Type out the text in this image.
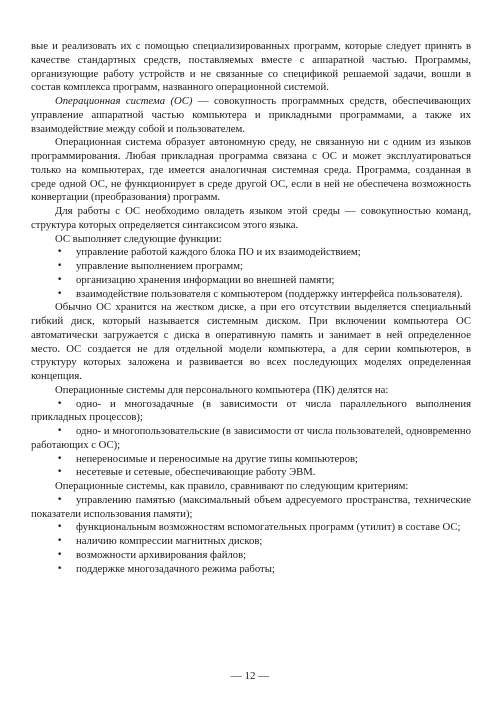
вые и реализовать их с помощью специализированных программ, которые следует принять в качестве стандартных средств, поставляемых вместе с аппаратной частью. Программы, организующие работу устройств и не связанные со спецификой решаемой задачи, вошли в состав комплекса программ, названного операционной системой.

Операционная система (ОС) — совокупность программных средств, обеспечивающих управление аппаратной частью компьютера и прикладными программами, а также их взаимодействие между собой и пользователем.

Операционная система образует автономную среду, не связанную ни с одним из языков программирования. Любая прикладная программа связана с ОС и может эксплуатироваться только на компьютерах, где имеется аналогичная системная среда. Программа, созданная в среде одной ОС, не функционирует в среде другой ОС, если в ней не обеспечена возможность конвертации (преобразования) программ.

Для работы с ОС необходимо овладеть языком этой среды — совокупностью команд, структура которых определяется синтаксисом этого языка.

ОС выполняет следующие функции:

• управление работой каждого блока ПО и их взаимодействием;
• управление выполнением программ;
• организацию хранения информации во внешней памяти;
• взаимодействие пользователя с компьютером (поддержку интерфейса пользователя).

Обычно ОС хранится на жестком диске, а при его отсутствии выделяется специальный гибкий диск, который называется системным диском. При включении компьютера ОС автоматически загружается с диска в оперативную память и занимает в ней определенное место. ОС создается не для отдельной модели компьютера, а для серии компьютеров, в структуру которых заложена и развивается во всех последующих моделях определенная концепция.

Операционные системы для персонального компьютера (ПК) делятся на:

• одно- и многозадачные (в зависимости от числа параллельного выполнения прикладных процессов);
• одно- и многопользовательские (в зависимости от числа пользователей, одновременно работающих с ОС);
• непереносимые и переносимые на другие типы компьютеров;
• несетевые и сетевые, обеспечивающие работу ЭВМ.

Операционные системы, как правило, сравнивают по следующим критериям:

• управлению памятью (максимальный объем адресуемого пространства, технические показатели использования памяти);
• функциональным возможностям вспомогательных программ (утилит) в составе ОС;
• наличию компрессии магнитных дисков;
• возможности архивирования файлов;
• поддержке многозадачного режима работы;
— 12 —
